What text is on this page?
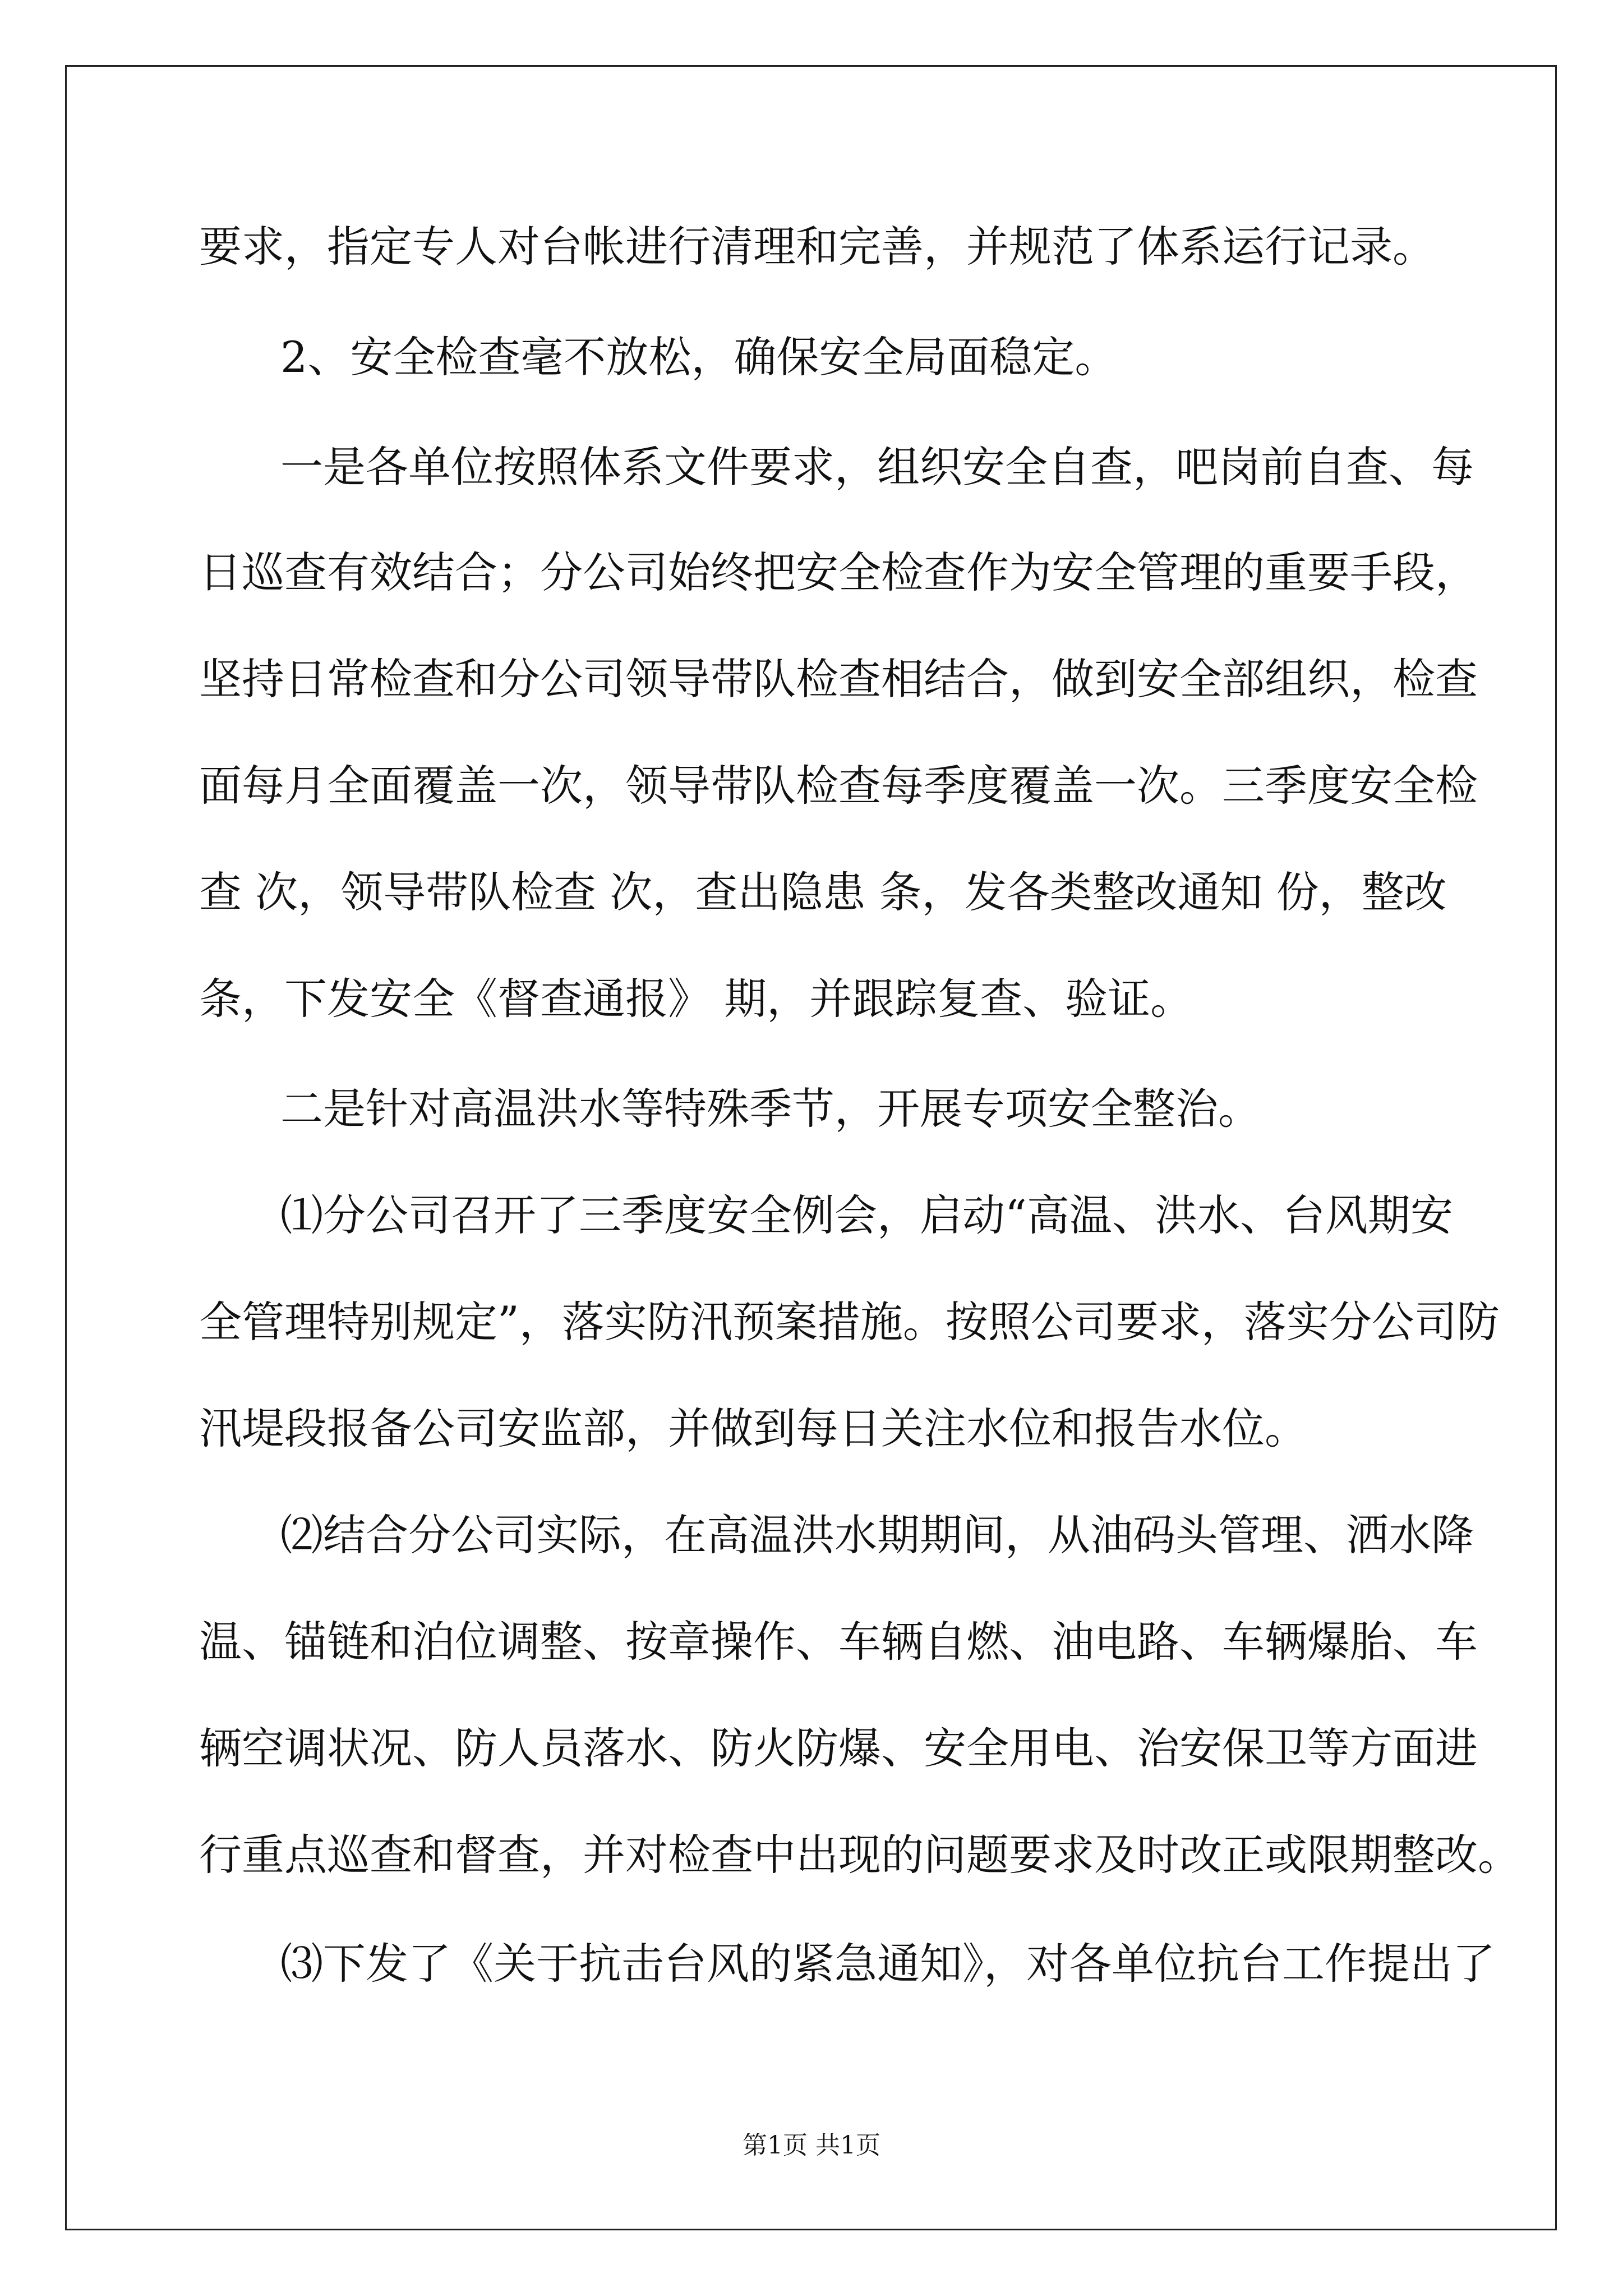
要求，指定专人对台帐进行清理和完善，并规范了体系运行记录。
2、安全检查毫不放松，确保安全局面稳定。
一是各单位按照体系文件要求，组织安全自查，吧岗前自查、每
日巡查有效结合；分公司始终把安全检查作为安全管理的重要手段，
坚持日常检查和分公司领导带队检查相结合，做到安全部组织，检查
面每月全面覆盖一次，领导带队检查每季度覆盖一次。三季度安全检
查 次，领导带队检查 次，查出隐患 条，发各类整改通知 份，整改
条，下发安全《督查通报》 期，并跟踪复查、验证。
二是针对高温洪水等特殊季节，开展专项安全整治。
⑴分公司召开了三季度安全例会，启动“高温、洪水、台风期安
全管理特别规定”，落实防汛预案措施。按照公司要求，落实分公司防
汛堤段报备公司安监部，并做到每日关注水位和报告水位。
⑵结合分公司实际，在高温洪水期期间，从油码头管理、洒水降
温、锚链和泊位调整、按章操作、车辆自燃、油电路、车辆爆胎、车
辆空调状况、防人员落水、防火防爆、安全用电、治安保卫等方面进
行重点巡查和督查，并对检查中出现的问题要求及时改正或限期整改。
⑶下发了《关于抗击台风的紧急通知》，对各单位抗台工作提出了
第1页 共1页
